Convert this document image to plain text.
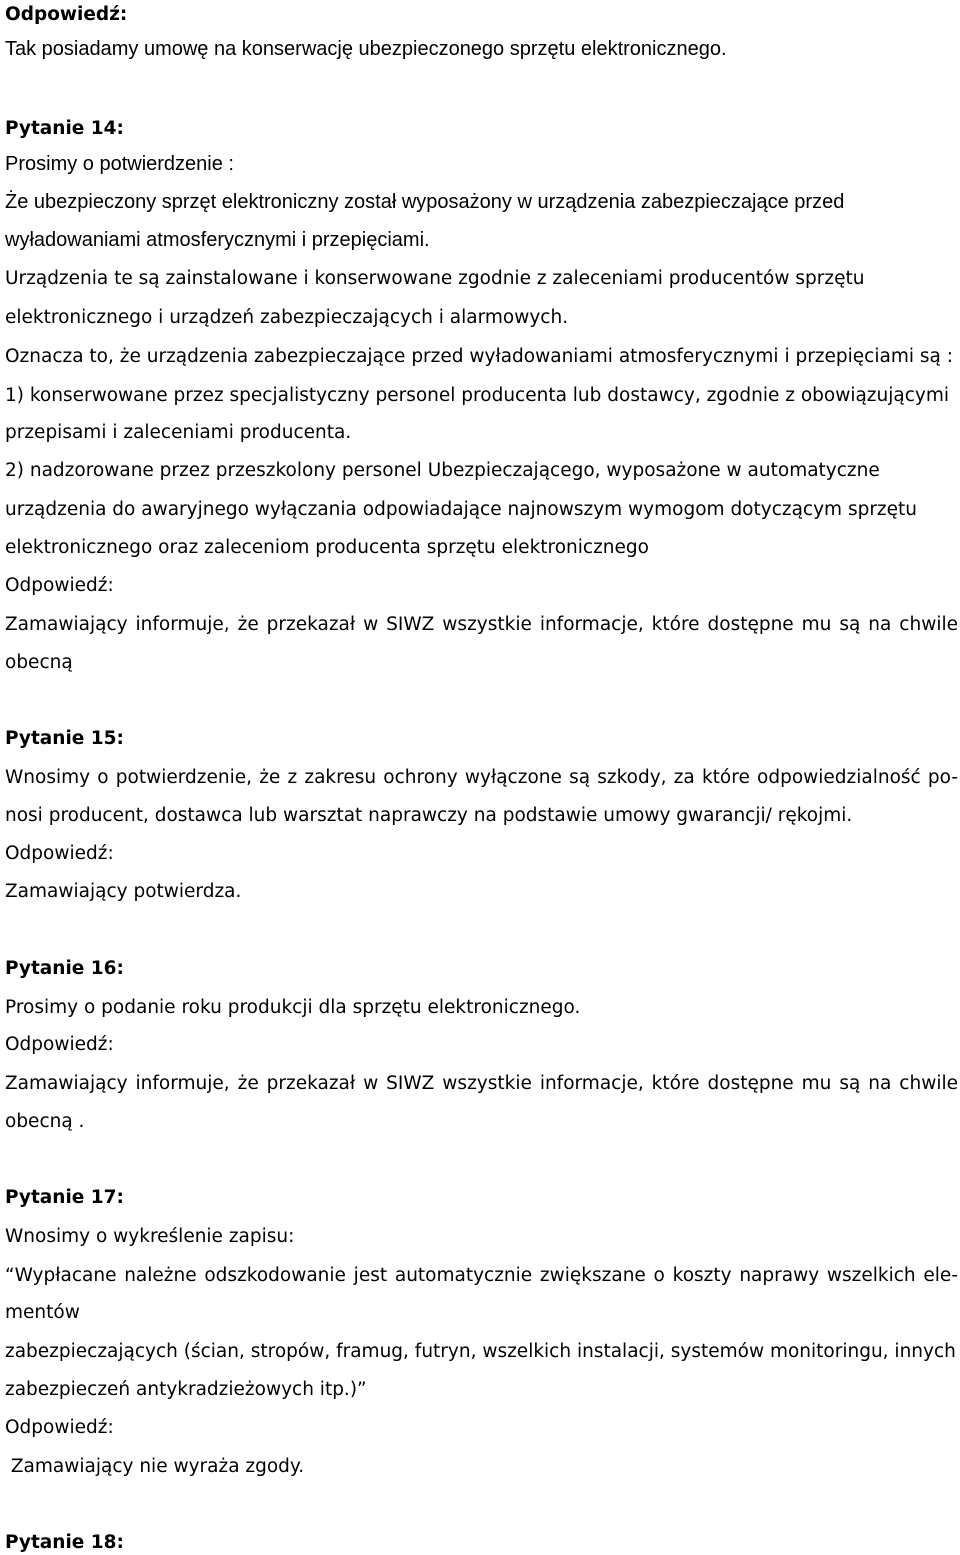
Odpowiedź:
Tak posiadamy umowę na konserwację ubezpieczonego sprzętu elektronicznego.
Pytanie 14:
Prosimy o potwierdzenie :
Że ubezpieczony sprzęt elektroniczny został wyposażony w urządzenia zabezpieczające przed
wyładowaniami atmosferycznymi i przepięciami.
Urządzenia te są zainstalowane i konserwowane zgodnie z zaleceniami producentów sprzętu
elektronicznego i urządzeń zabezpieczających i alarmowych.
Oznacza to, że urządzenia zabezpieczające przed wyładowaniami atmosferycznymi i przepięciami są :
1) konserwowane przez specjalistyczny personel producenta lub dostawcy, zgodnie z obowiązującymi
przepisami i zaleceniami producenta.
2) nadzorowane przez przeszkolony personel Ubezpieczającego, wyposażone w automatyczne
urządzenia do awaryjnego wyłączania odpowiadające najnowszym wymogom dotyczącym sprzętu
elektronicznego oraz zaleceniom producenta sprzętu elektronicznego
Odpowiedź:
Zamawiający informuje, że przekazał w SIWZ wszystkie informacje, które dostępne mu są na chwile
obecną
Pytanie 15:
Wnosimy o potwierdzenie, że z zakresu ochrony wyłączone są szkody, za które odpowiedzialność po-
nosi producent, dostawca lub warsztat naprawczy na podstawie umowy gwarancji/ rękojmi.
Odpowiedź:
Zamawiający potwierdza.
Pytanie 16:
Prosimy o podanie roku produkcji dla sprzętu elektronicznego.
Odpowiedź:
Zamawiający informuje, że przekazał w SIWZ wszystkie informacje, które dostępne mu są na chwile
obecną .
Pytanie 17:
Wnosimy o wykreślenie zapisu:
“Wypłacane należne odszkodowanie jest automatycznie zwiększane o koszty naprawy wszelkich ele-
mentów
zabezpieczających (ścian, stropów, framug, futryn, wszelkich instalacji, systemów monitoringu, innych
zabezpieczeń antykradzieżowych itp.)”
Odpowiedź:
Zamawiający nie wyraża zgody.
Pytanie 18:
